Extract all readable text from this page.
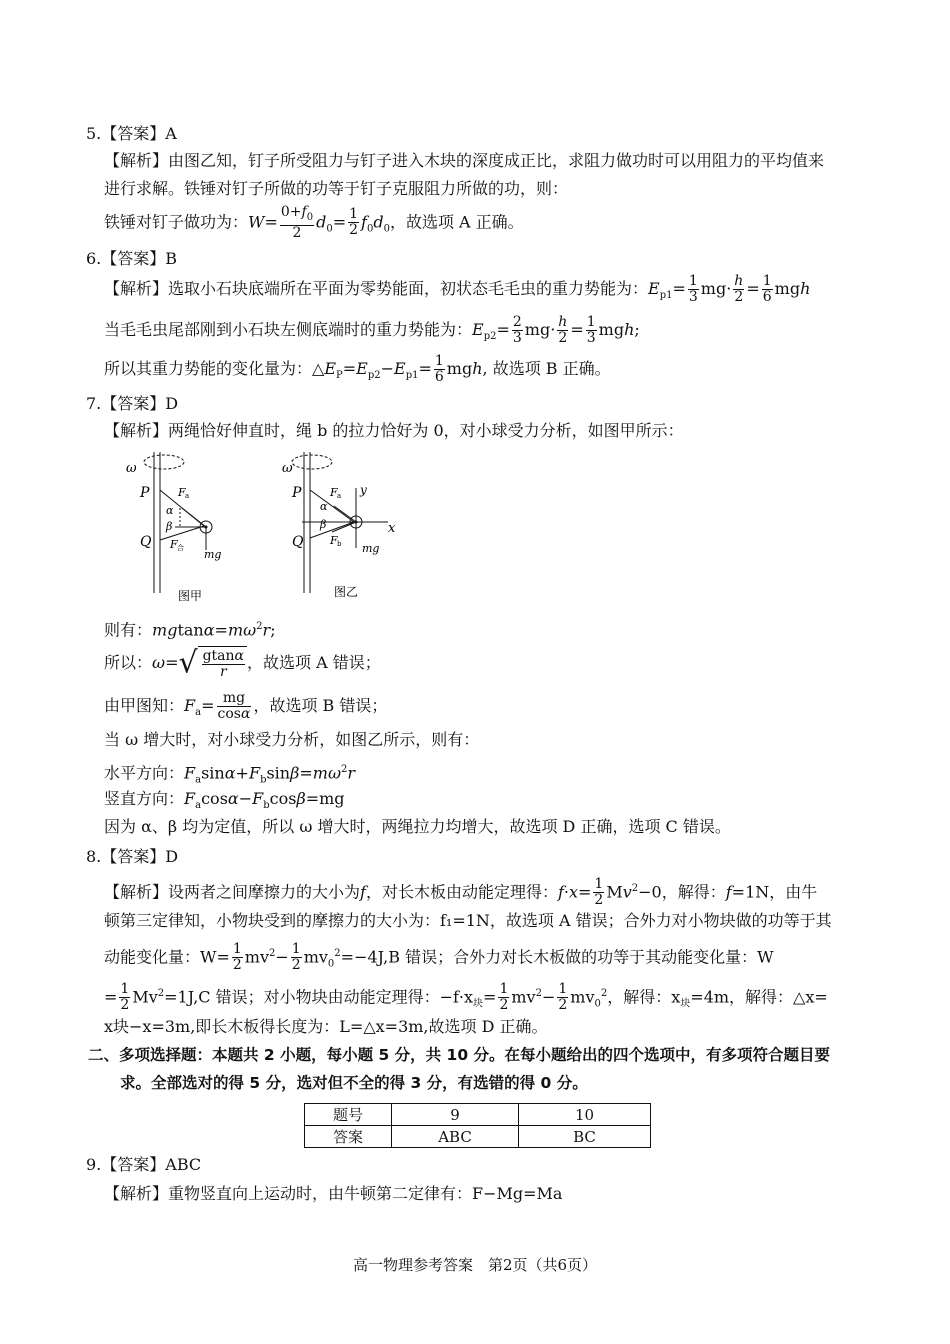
5.【答案】A
【解析】由图乙知，钉子所受阻力与钉子进入木块的深度成正比，求阻力做功时可以用阻力的平均值来
进行求解。铁锤对钉子所做的功等于钉子克服阻力所做的功，则：
铁锤对钉子做功为：$W= \frac{0+f_0}{2} d_0= \frac{1}{2} f_0d_0$，故选项 A 正确。
6.【答案】B
【解析】选取小石块底端所在平面为零势能面，初状态毛毛虫的重力势能为：$E_{p1}= \frac{1}{3} mg\cdot \frac{h}{2} = \frac{1}{6}$ mgh
当毛毛虫尾部刚到小石块左侧底端时的重力势能为：$E_{p2}= \frac{2}{3} mg\cdot \frac{h}{2} = \frac{1}{3}$ mgh;
所以其重力势能的变化量为：$\triangle E_P=E_{p2}-E_{p1}= \frac{1}{6}$ mgh, 故选项 B 正确。
7.【答案】D
【解析】两绳恰好伸直时，绳 b 的拉力恰好为 0，对小球受力分析，如图甲所示：
ω
P
Q
F a
α
β
F 合 mg
图甲
ω
P
Q
x
y
F a
α
β
F b mg
图乙
则有：$mgtan\alpha=m\omega^2r$;
所以：$\omega=√ \frac{gtan\alpha}{r}$ ，故选项 A 错误；
由甲图知：$F_a= \frac{mg}{\cos\alpha}$ ，故选项 B 错误；
当 ω 增大时，对小球受力分析，如图乙所示，则有：
水平方向：$F_a\sin\alpha+F_b\sin\beta=m\omega^2r$
竖直方向：$F_a\cos\alpha-F_b\cos\beta=mg$
因为 α、β 均为定值，所以 ω 增大时，两绳拉力均增大，故选项 D 正确，选项 C 错误。
8.【答案】D
【解析】设两者之间摩擦力的大小为f，对长木板由动能定理得：$f\cdot x= \frac{1}{2} Mv^2-0$，解得：f=1N，由牛
顿第三定律知，小物块受到的摩擦力的大小为：f₁=1N，故选项 A 错误；合外力对小物块做的功等于其
动能变化量：$W= \frac{1}{2} mv^2- \frac{1}{2} mv_0^2=-4J,B$ 错误；合外力对长木板做的功等于其动能变化量：W
= $\frac{1}{2} Mv^2=1J,C$ 错误；对小物块由动能定理得：$-f\cdot x_块= \frac{1}{2} mv^2- \frac{1}{2} mv_0^2$，解得：$x_块=4m$，解得：△x=
x块−x=3m,即长木板得长度为：L=△x=3m,故选项 D 正确。
二、多项选择题：本题共 2 小题，每小题 5 分，共 10 分。在每小题给出的四个选项中，有多项符合题目要
求。全部选对的得 5 分，选对但不全的得 3 分，有选错的得 0 分。
题号	9	10
答案	ABC	BC
9.【答案】ABC
【解析】重物竖直向上运动时，由牛顿第二定律有：F−Mg=Ma
高一物理参考答案　第2页（共6页）
